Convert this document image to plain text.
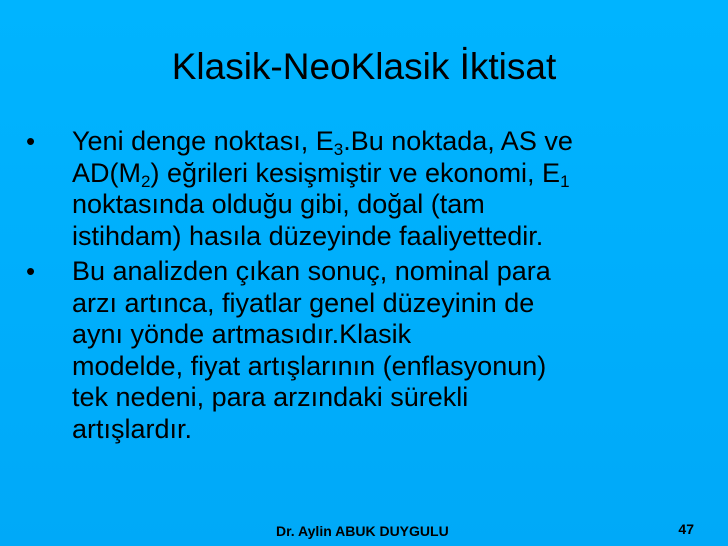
Klasik-NeoKlasik İktisat
• Yeni denge noktası, $E_3.Bu$ noktada, AS ve
$AD(M_2)$ eğrileri kesişmiştir ve ekonomi, $E_1$
noktasında olduğu gibi, doğal (tam
istihdam) hasıla düzeyinde faaliyettedir.
• Bu analizden çıkan sonuç, nominal para
arzı artınca, fiyatlar genel düzeyinin de
aynı yönde artmasıdır.Klasik
modelde, fiyat artışlarının (enflasyonun)
tek nedeni, para arzındaki sürekli
artışlardır.
Dr. Aylin ABUK DUYGULU	47
